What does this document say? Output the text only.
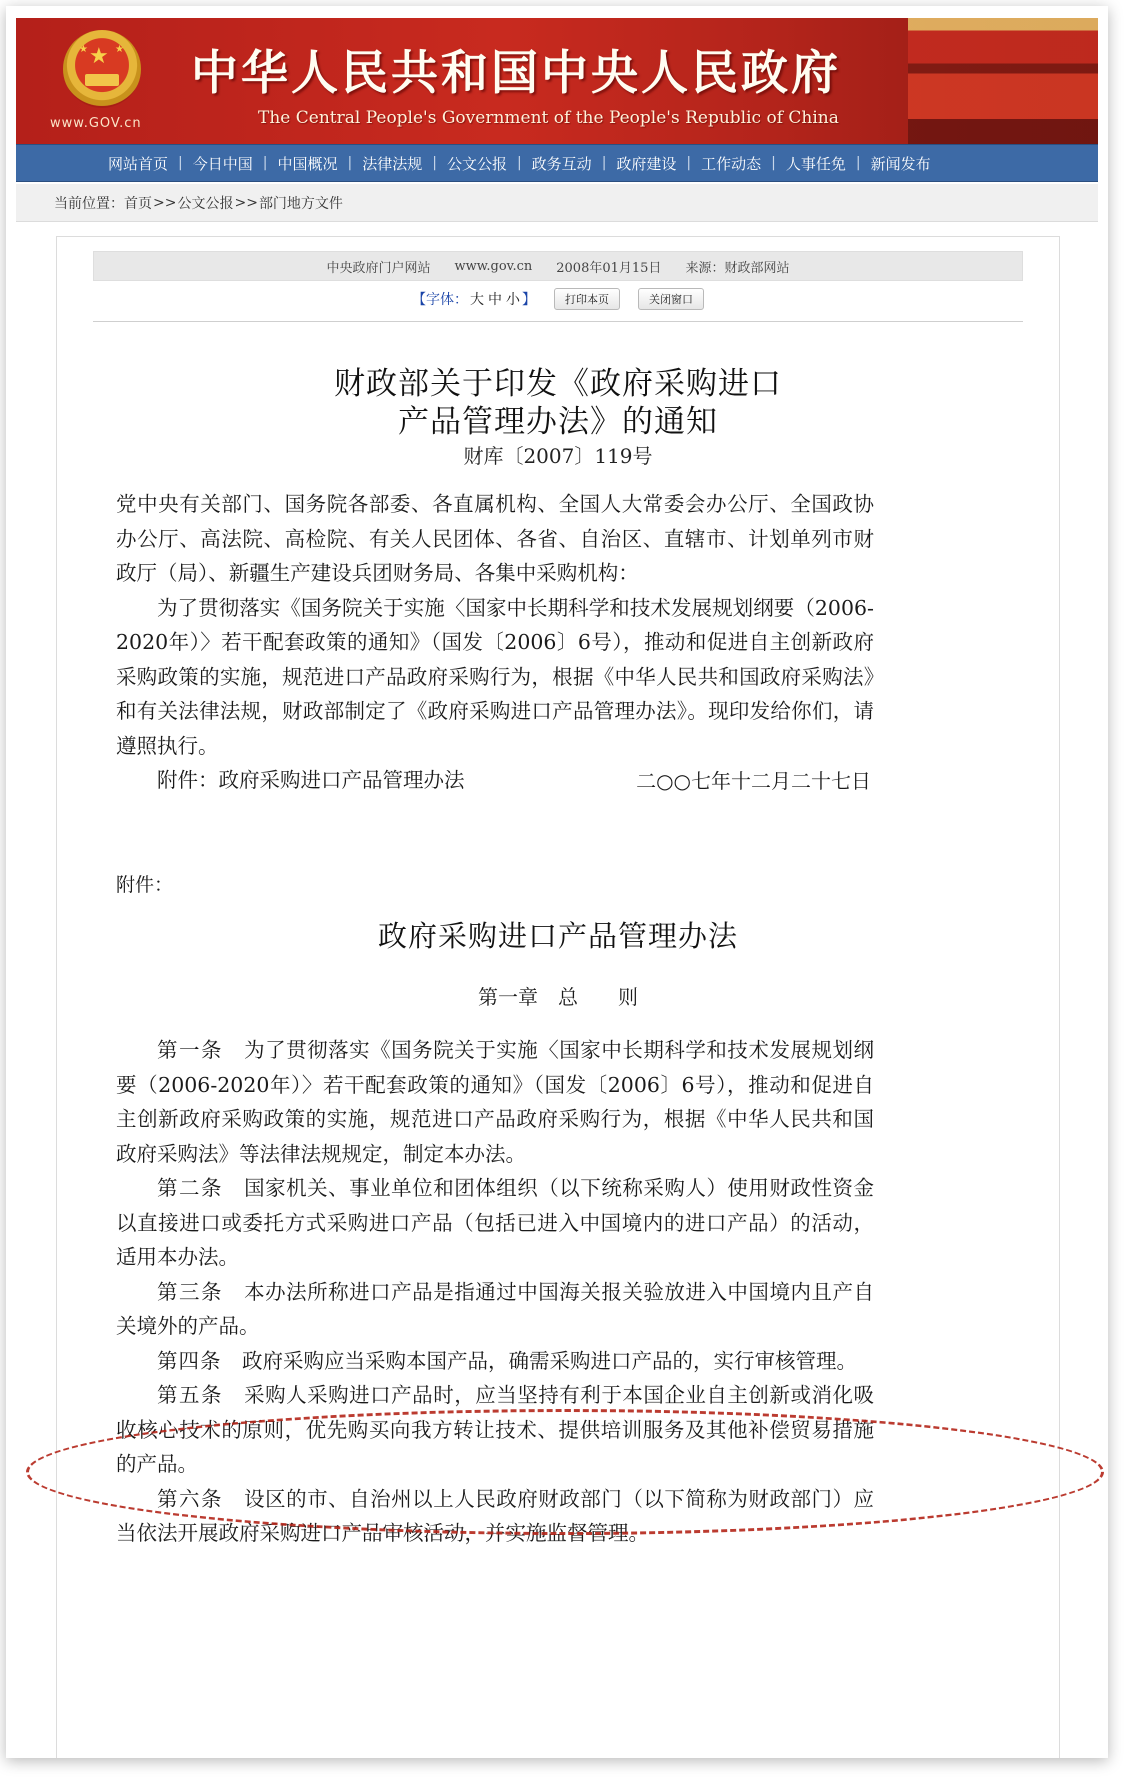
★
★	★
www.GOV.cn
中华人民共和国中央人民政府
The Central People's Government of the People's Republic of China
网站首页 | 今日中国 | 中国概况 | 法律法规 | 公文公报 | 政务互动 | 政府建设 | 工作动态 | 人事任免 | 新闻发布
当前位置： 首页 >> 公文公报 >> 部门地方文件
中央政府门户网站 www.gov.cn 2008年01月15日 来源：财政部网站
【字体： 大 中 小 】	打印本页	关闭窗口
财政部关于印发《政府采购进口
产品管理办法》的通知
财库〔2007〕119号

党中央有关部门、国务院各部委、各直属机构、全国人大常委会办公厅、全国政协办公厅、高法院、高检院、有关人民团体、各省、自治区、直辖市、计划单列市财政厅（局）、新疆生产建设兵团财务局、各集中采购机构：

为了贯彻落实《国务院关于实施〈国家中长期科学和技术发展规划纲要（2006-2020年）〉若干配套政策的通知》（国发〔2006〕6号），推动和促进自主创新政府采购政策的实施，规范进口产品政府采购行为，根据《中华人民共和国政府采购法》和有关法律法规，财政部制定了《政府采购进口产品管理办法》。现印发给你们，请遵照执行。

附件：政府采购进口产品管理办法	二○○七年十二月二十七日
附件：
政府采购进口产品管理办法
第一章　总　　则

第一条　 为了贯彻落实《国务院关于实施〈国家中长期科学和技术发展规划纲要（2006-2020年）〉若干配套政策的通知》（国发〔2006〕6号），推动和促进自主创新政府采购政策的实施，规范进口产品政府采购行为，根据《中华人民共和国政府采购法》等法律法规规定，制定本办法。

第二条　 国家机关、事业单位和团体组织（以下统称采购人）使用财政性资金以直接进口或委托方式采购进口产品（包括已进入中国境内的进口产品）的活动，适用本办法。

第三条　 本办法所称进口产品是指通过中国海关报关验放进入中国境内且产自关境外的产品。

第四条　 政府采购应当采购本国产品，确需采购进口产品的，实行审核管理。

第五条　 采购人采购进口产品时，应当坚持有利于本国企业自主创新或消化吸收核心技术的原则，优先购买向我方转让技术、提供培训服务及其他补偿贸易措施的产品。

第六条　 设区的市、自治州以上人民政府财政部门（以下简称为财政部门）应当依法开展政府采购进口产品审核活动，并实施监督管理。
